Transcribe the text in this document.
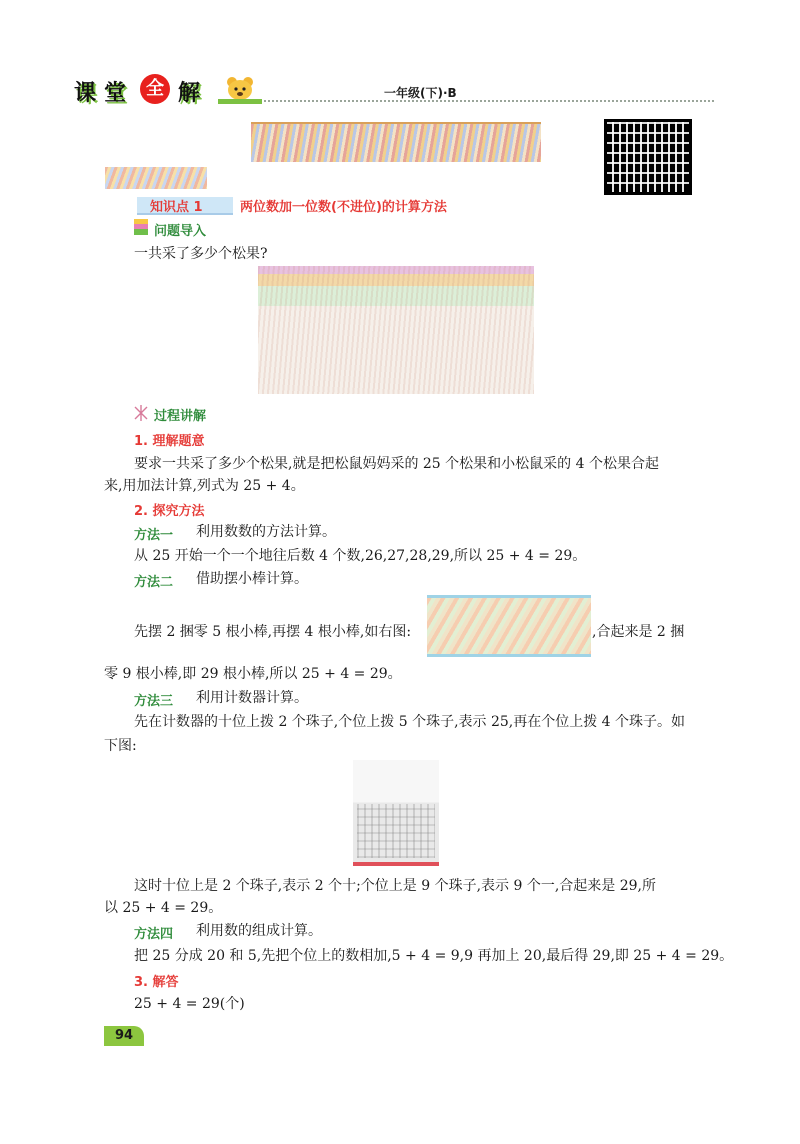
课 堂	全 解	一年级(下)·B
知识点 1	两位数加一位数(不进位)的计算方法
问题导入
一共采了多少个松果?
过程讲解
1. 理解题意
要求一共采了多少个松果,就是把松鼠妈妈采的 25 个松果和小松鼠采的 4 个松果合起
来,用加法计算,列式为 25 + 4。
2. 探究方法
方法一 利用数数的方法计算。
从 25 开始一个一个地往后数 4 个数,26,27,28,29,所以 25 + 4 = 29。
方法二 借助摆小棒计算。
先摆 2 捆零 5 根小棒,再摆 4 根小棒,如右图:	,合起来是 2 捆
零 9 根小棒,即 29 根小棒,所以 25 + 4 = 29。
方法三 利用计数器计算。
先在计数器的十位上拨 2 个珠子,个位上拨 5 个珠子,表示 25,再在个位上拨 4 个珠子。如
下图:
这时十位上是 2 个珠子,表示 2 个十;个位上是 9 个珠子,表示 9 个一,合起来是 29,所
以 25 + 4 = 29。
方法四 利用数的组成计算。
把 25 分成 20 和 5,先把个位上的数相加,5 + 4 = 9,9 再加上 20,最后得 29,即 25 + 4 = 29。
3. 解答
25 + 4 = 29(个)
94
